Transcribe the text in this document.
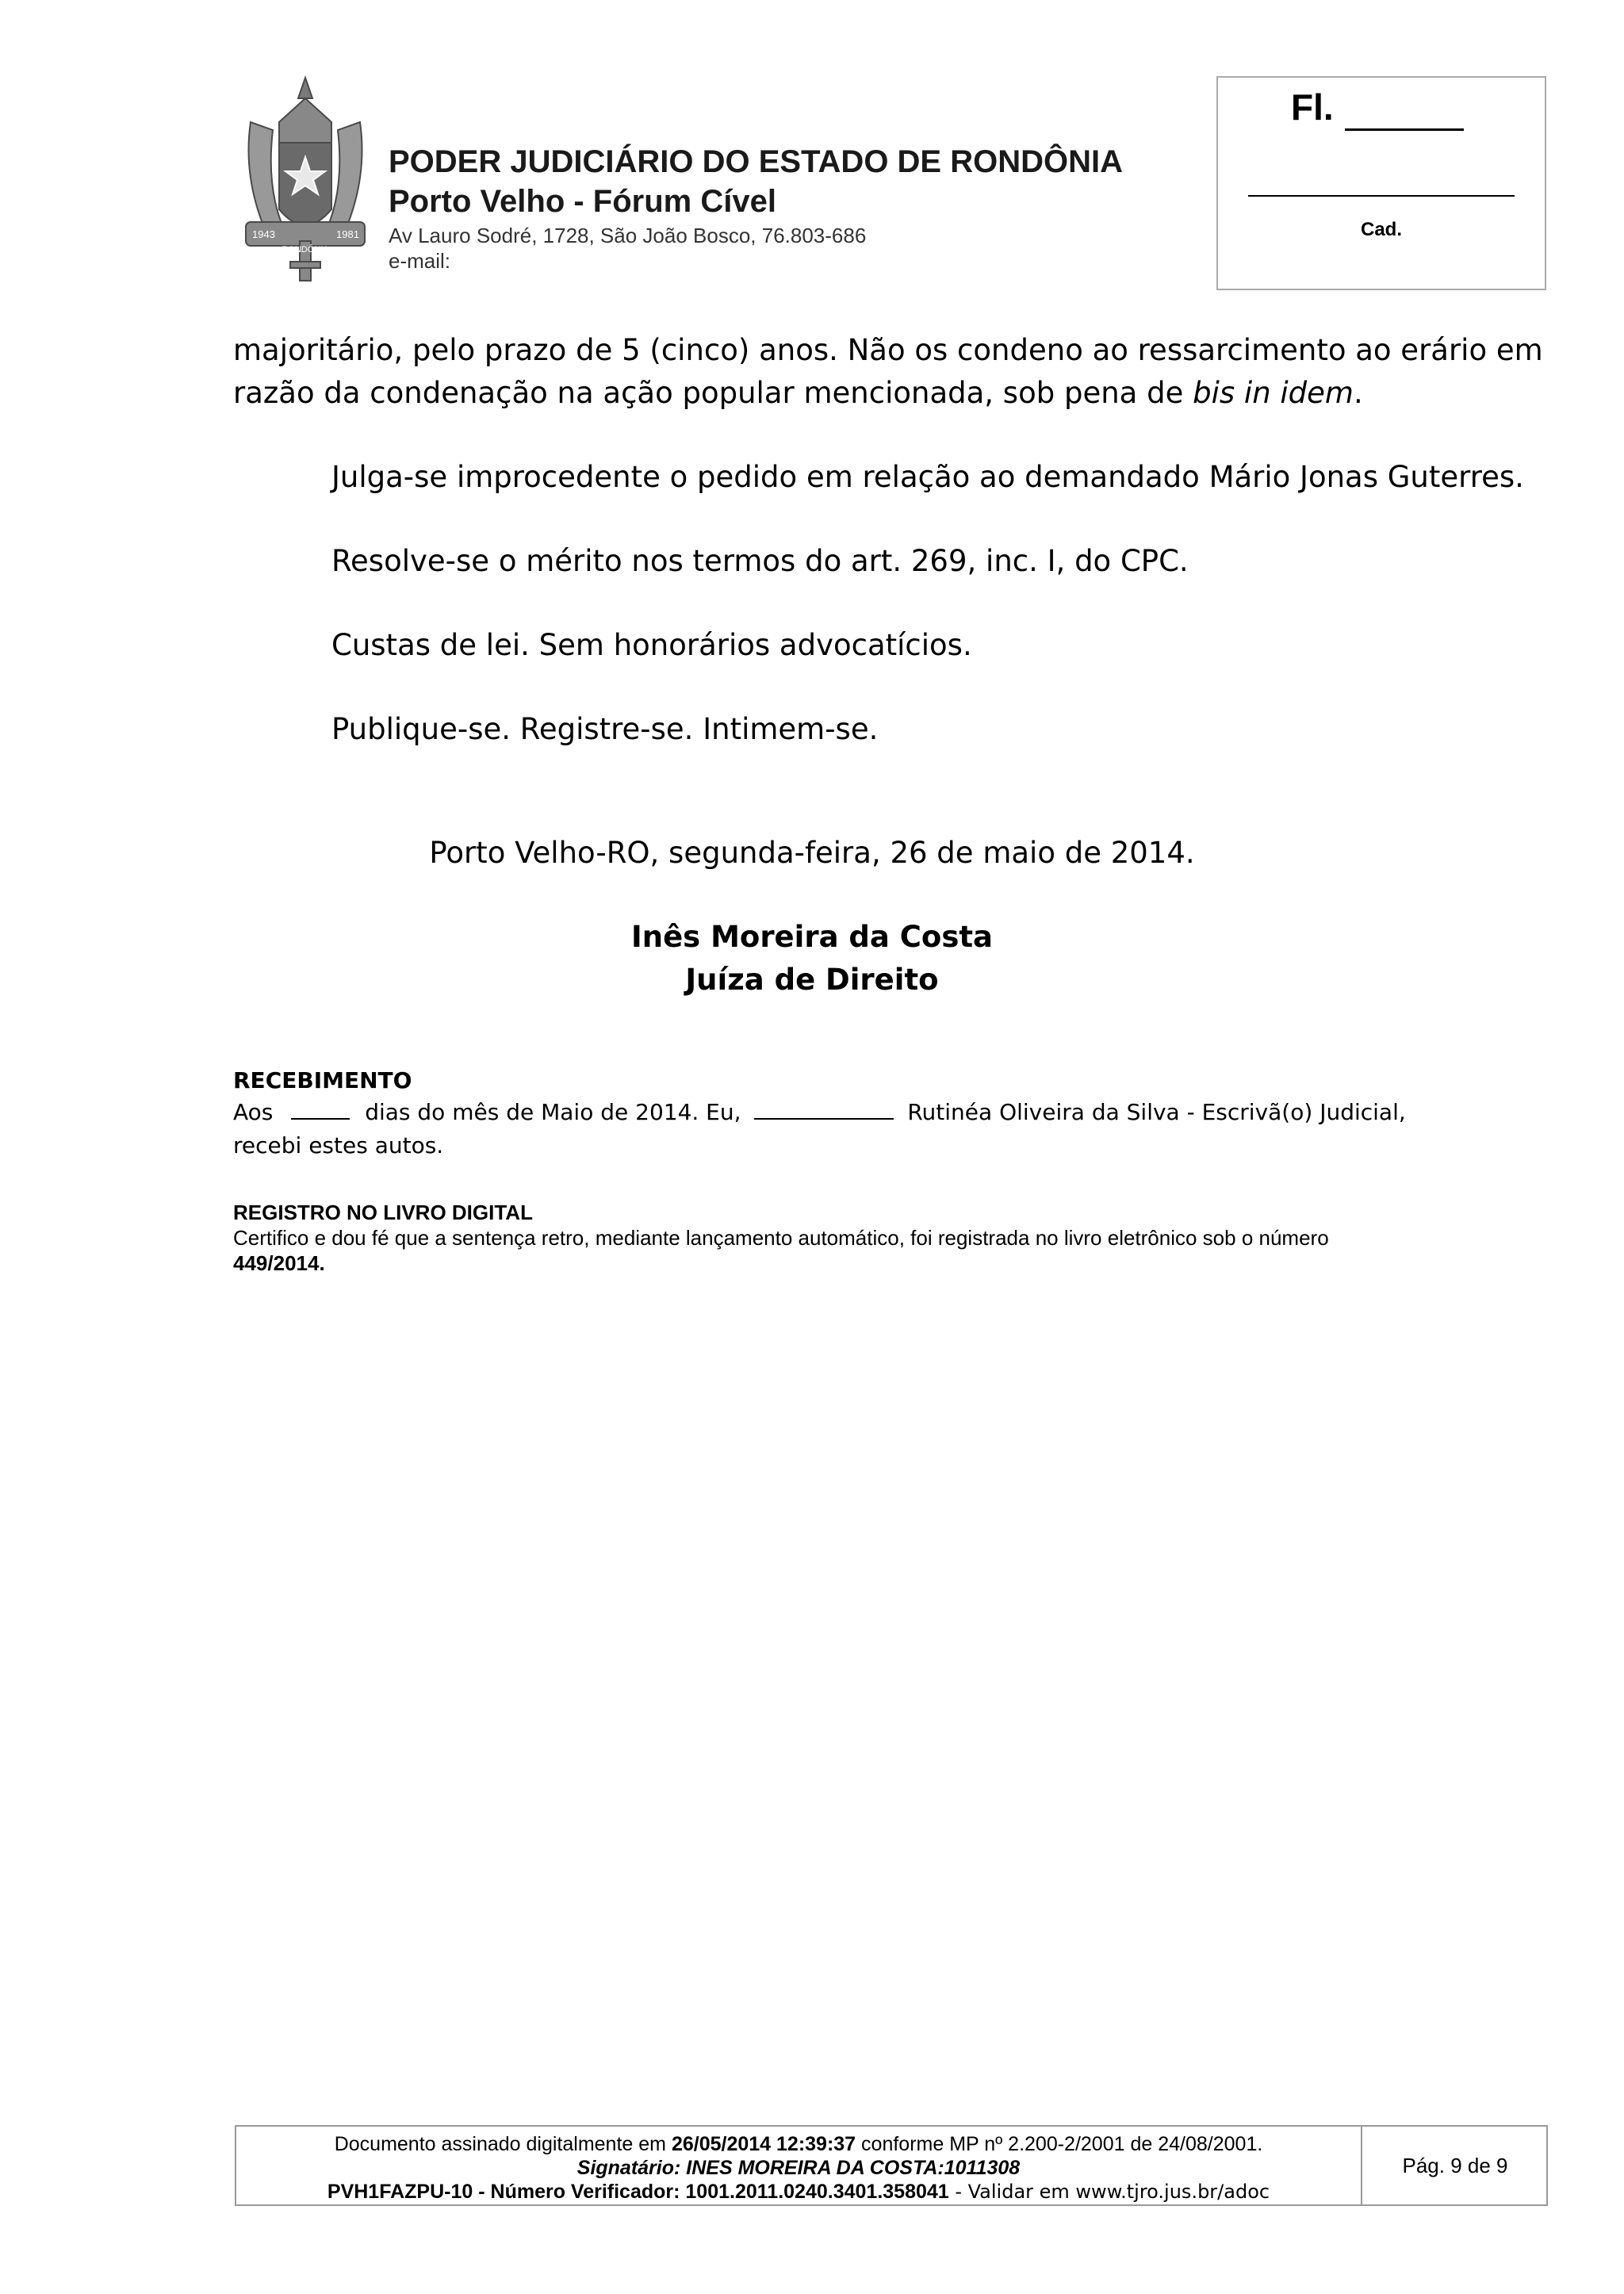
1943	1981
RONDÔNIA
PODER JUDICIÁRIO DO ESTADO DE RONDÔNIA
Porto Velho - Fórum Cível
Av Lauro Sodré, 1728, São João Bosco, 76.803-686
e-mail:
Fl.
Cad.
majoritário, pelo prazo de 5 (cinco) anos. Não os condeno ao ressarcimento ao erário em
razão da condenação na ação popular mencionada, sob pena de bis in idem.
Julga-se improcedente o pedido em relação ao demandado Mário Jonas Guterres.
Resolve-se o mérito nos termos do art. 269, inc. I, do CPC.
Custas de lei. Sem honorários advocatícios.
Publique-se. Registre-se. Intimem-se.
Porto Velho-RO, segunda-feira, 26 de maio de 2014.
Inês Moreira da Costa
Juíza de Direito
RECEBIMENTO
Aos	dias do mês de Maio de 2014. Eu,	Rutinéa Oliveira da Silva - Escrivã(o) Judicial,
recebi estes autos.
REGISTRO NO LIVRO DIGITAL
Certifico e dou fé que a sentença retro, mediante lançamento automático, foi registrada no livro eletrônico sob o número
449/2014.
Documento assinado digitalmente em 26/05/2014 12:39:37 conforme MP nº 2.200-2/2001 de 24/08/2001.
Signatário: INES MOREIRA DA COSTA:1011308
PVH1FAZPU-10 - Número Verificador: 1001.2011.0240.3401.358041 - Validar em www.tjro.jus.br/adoc
Pág. 9 de 9
